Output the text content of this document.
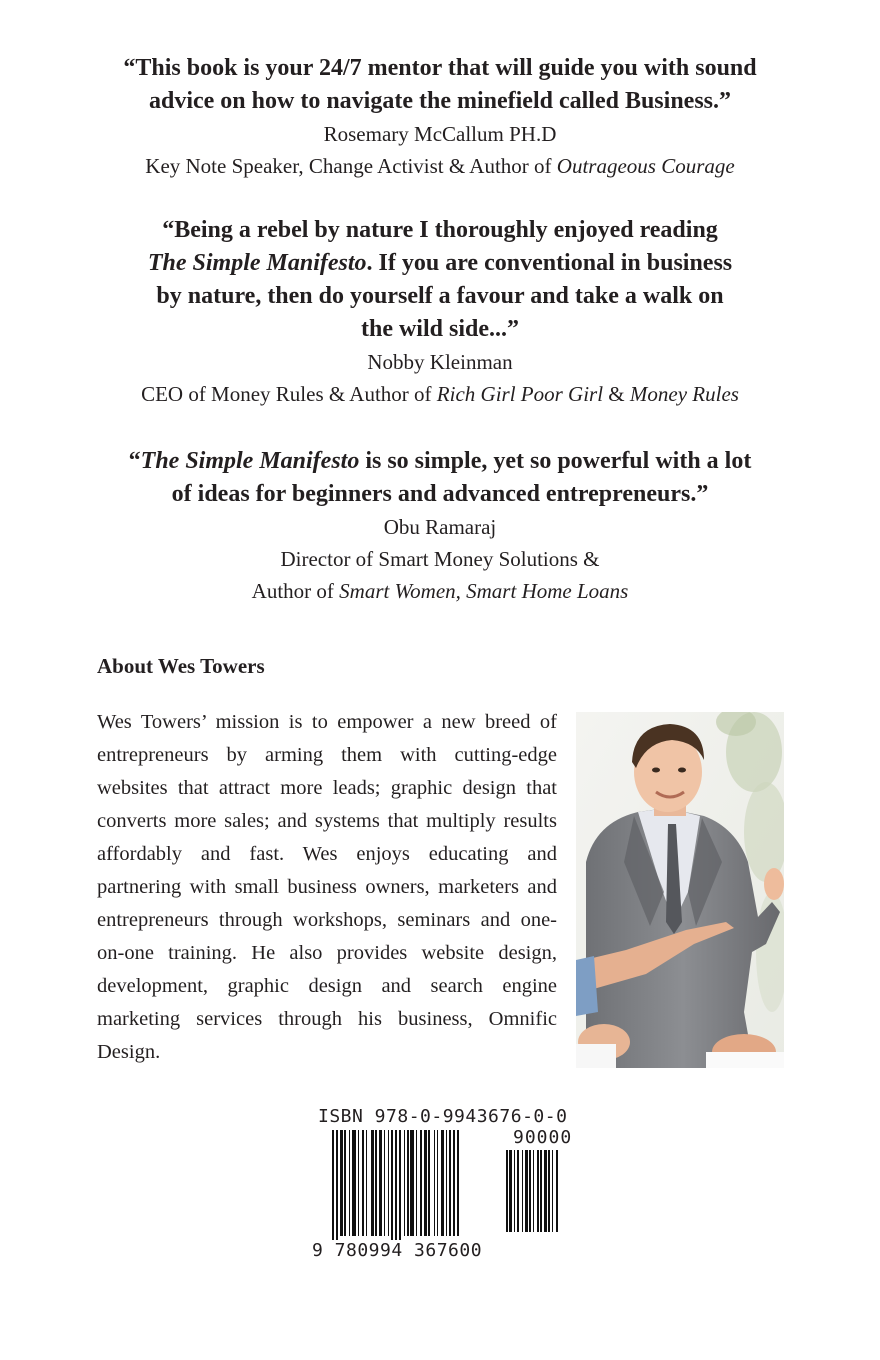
“This book is your 24/7 mentor that will guide you with sound
advice on how to navigate the minefield called Business.”

Rosemary McCallum PH.D

Key Note Speaker, Change Activist & Author of Outrageous Courage

“Being a rebel by nature I thoroughly enjoyed reading
The Simple Manifesto. If you are conventional in business
by nature, then do yourself a favour and take a walk on
the wild side...”

Nobby Kleinman

CEO of Money Rules & Author of Rich Girl Poor Girl & Money Rules

“The Simple Manifesto is so simple, yet so powerful with a lot
of ideas for beginners and advanced entrepreneurs.”

Obu Ramaraj

Director of Smart Money Solutions &

Author of Smart Women, Smart Home Loans

About Wes Towers

Wes Towers’ mission is to empower a new breed of entrepreneurs by arming them with cutting-edge websites that attract more leads; graphic design that converts more sales; and systems that multiply results affordably and fast. Wes enjoys educating and partnering with small business owners, marketers and entrepreneurs through workshops, seminars and one-on-one training. He also provides website design, development, graphic design and search engine marketing services through his business, Omnific Design.

ISBN 978-0-9943676-0-0

90000

9 780994 367600
